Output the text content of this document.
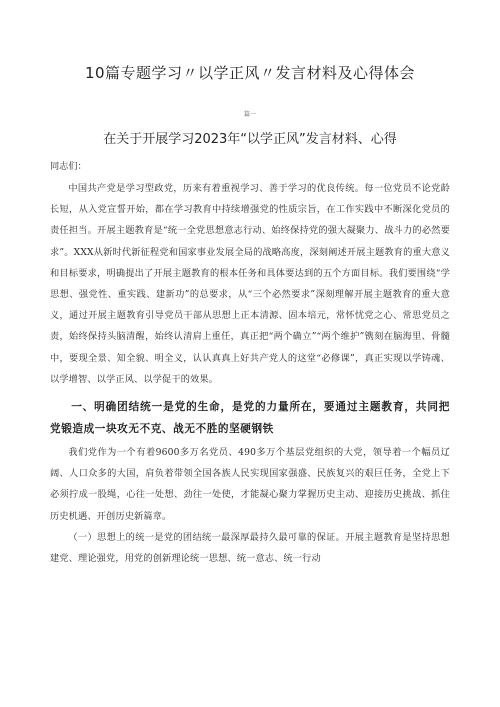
10篇专题学习〃以学正风〃发言材料及心得体会
篇一
在关于开展学习2023年“以学正风”发言材料、心得

同志们：

中国共产党是学习型政党，历来有着重视学习、善于学习的优良传统。每一位党员不论党龄长短，从入党宣誓开始，都在学习教育中持续增强党的性质宗旨，在工作实践中不断深化党员的责任担当。开展主题教育是“统一全党思想意志行动、始终保持党的强大凝聚力、战斗力的必然要求”。XXX从新时代新征程党和国家事业发展全局的战略高度，深刻阐述开展主题教育的重大意义和目标要求，明确提出了开展主题教育的根本任务和具体要达到的五个方面目标。我们要围绕“学思想、强党性、重实践、建新功”的总要求，从“三个必然要求”深刻理解开展主题教育的重大意义，通过开展主题教育引导党员干部从思想上正本清源、固本培元，常怀忧党之心、常思党员之责，始终保持头脑清醒，始终认清肩上重任，真正把“两个确立”“两个维护”镌刻在脑海里、骨髓中，要现全景、知全貌、明全义，认认真真上好共产党人的这堂“必修课”，真正实现以学铸魂、以学增智、以学正风、以学促干的效果。

一、明确团结统一是党的生命，是党的力量所在，要通过主题教育，共同把党锻造成一块攻无不克、战无不胜的坚硬钢铁

我们党作为一个有着9600多万名党员、490多万个基层党组织的大党，领导着一个幅员辽阔、人口众多的大国，肩负着带领全国各族人民实现国家强盛、民族复兴的艰巨任务，全党上下必须拧成一股绳，心往一处想、劲往一处使，才能凝心聚力掌握历史主动、迎接历史挑战、抓住历史机遇、开创历史新篇章。

（一）思想上的统一是党的团结统一最深厚最持久最可靠的保证。开展主题教育是坚持思想建党、理论强党，用党的创新理论统一思想、统一意志、统一行动
